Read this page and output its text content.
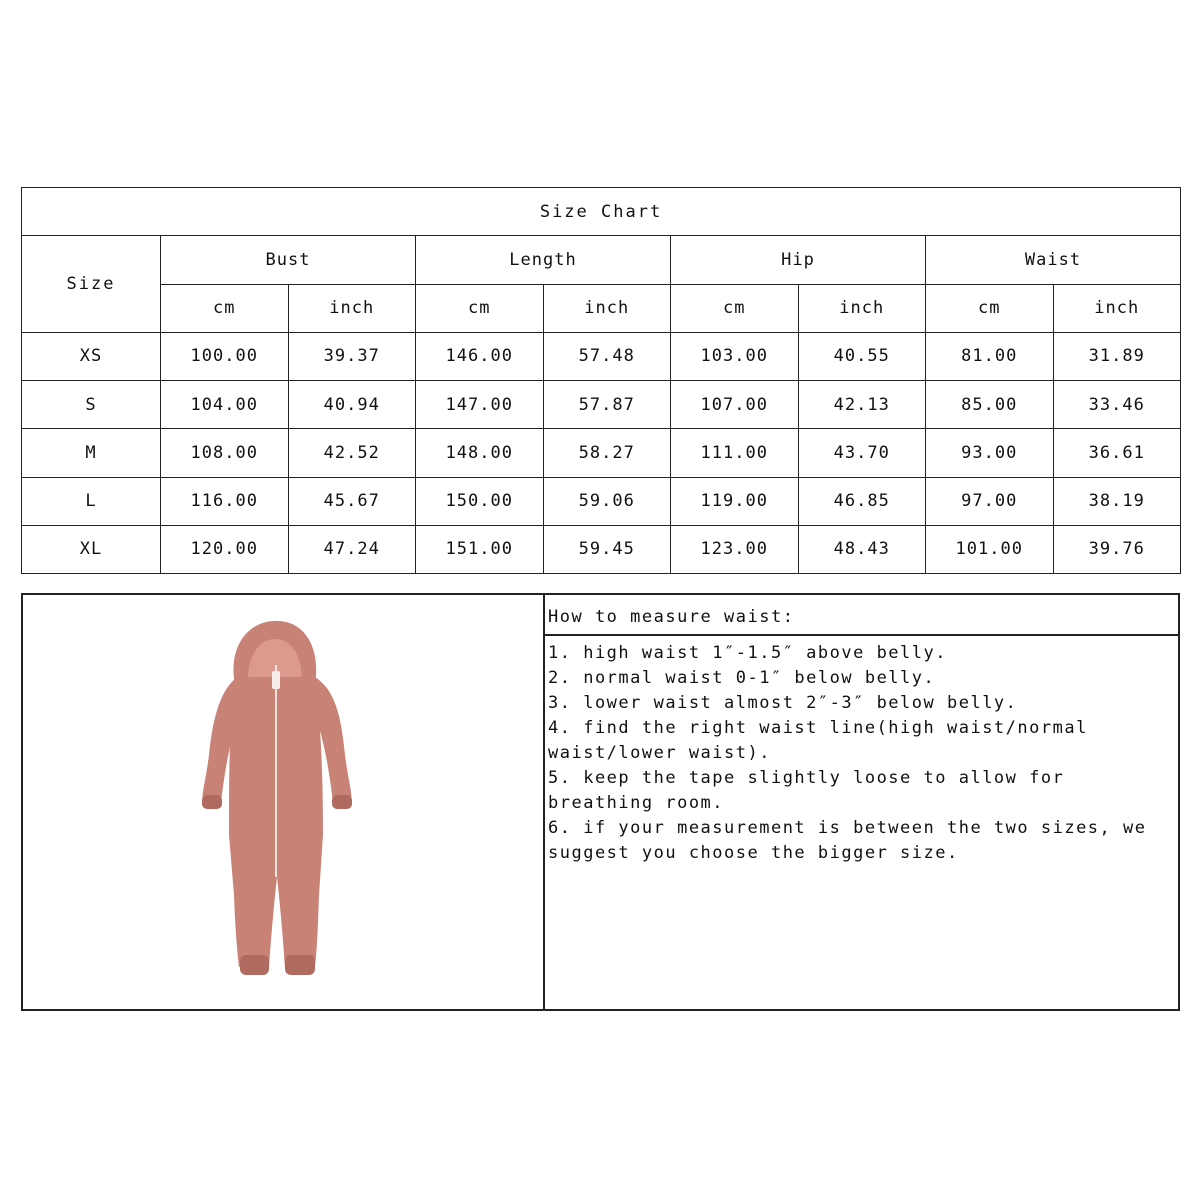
Size Chart								
Size	Bust		Length		Hip		Waist	
	cm	inch	cm	inch	cm	inch	cm	inch
XS	100.00	39.37	146.00	57.48	103.00	40.55	81.00	31.89
S	104.00	40.94	147.00	57.87	107.00	42.13	85.00	33.46
M	108.00	42.52	148.00	58.27	111.00	43.70	93.00	36.61
L	116.00	45.67	150.00	59.06	119.00	46.85	97.00	38.19
XL	120.00	47.24	151.00	59.45	123.00	48.43	101.00	39.76
How to measure waist:
1. high waist 1″-1.5″ above belly.
2. normal waist 0-1″ below belly.
3. lower waist almost 2″-3″ below belly.
4. find the right waist line(high waist/normal waist/lower waist).
5. keep the tape slightly loose to allow for breathing room.
6. if your measurement is between the two sizes, we suggest you choose the bigger size.
